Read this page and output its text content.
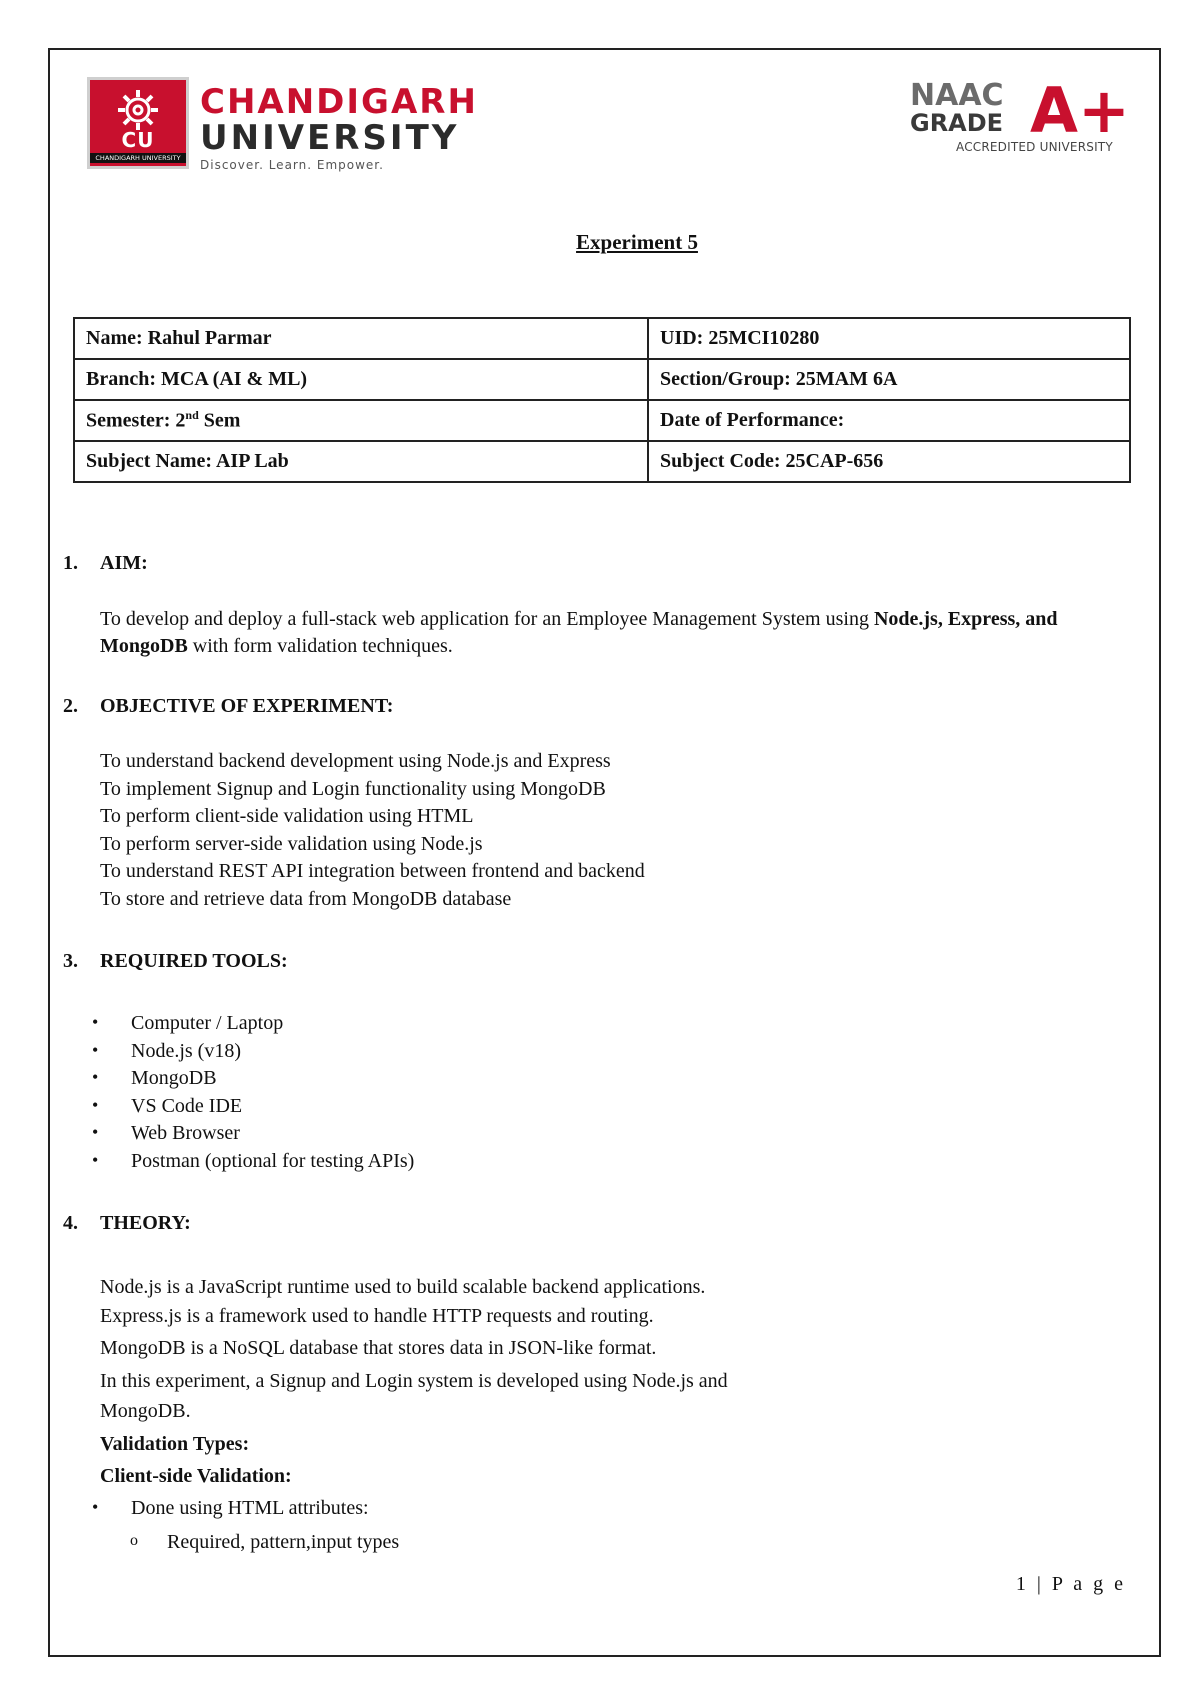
CU
CHANDIGARH UNIVERSITY
CHANDIGARH
UNIVERSITY
Discover. Learn. Empower.
NAAC
GRADE A+
ACCREDITED UNIVERSITY
Experiment 5
Name: Rahul Parmar	UID: 25MCI10280
Branch: MCA (AI & ML)	Section/Group: 25MAM 6A
Semester: 2nd Sem	Date of Performance:
Subject Name: AIP Lab	Subject Code: 25CAP-656
1. AIM:
To develop and deploy a full-stack web application for an Employee Management System using Node.js, Express, and MongoDB with form validation techniques.
2. OBJECTIVE OF EXPERIMENT:
To understand backend development using Node.js and Express
To implement Signup and Login functionality using MongoDB
To perform client-side validation using HTML
To perform server-side validation using Node.js
To understand REST API integration between frontend and backend
To store and retrieve data from MongoDB database
3. REQUIRED TOOLS:
• Computer / Laptop
• Node.js (v18)
• MongoDB
• VS Code IDE
• Web Browser
• Postman (optional for testing APIs)
4. THEORY:
Node.js is a JavaScript runtime used to build scalable backend applications.
Express.js is a framework used to handle HTTP requests and routing.
MongoDB is a NoSQL database that stores data in JSON-like format.
In this experiment, a Signup and Login system is developed using Node.js and
MongoDB.
Validation Types:
Client-side Validation:
• Done using HTML attributes:
o Required, pattern,input types
1 | P a g e
